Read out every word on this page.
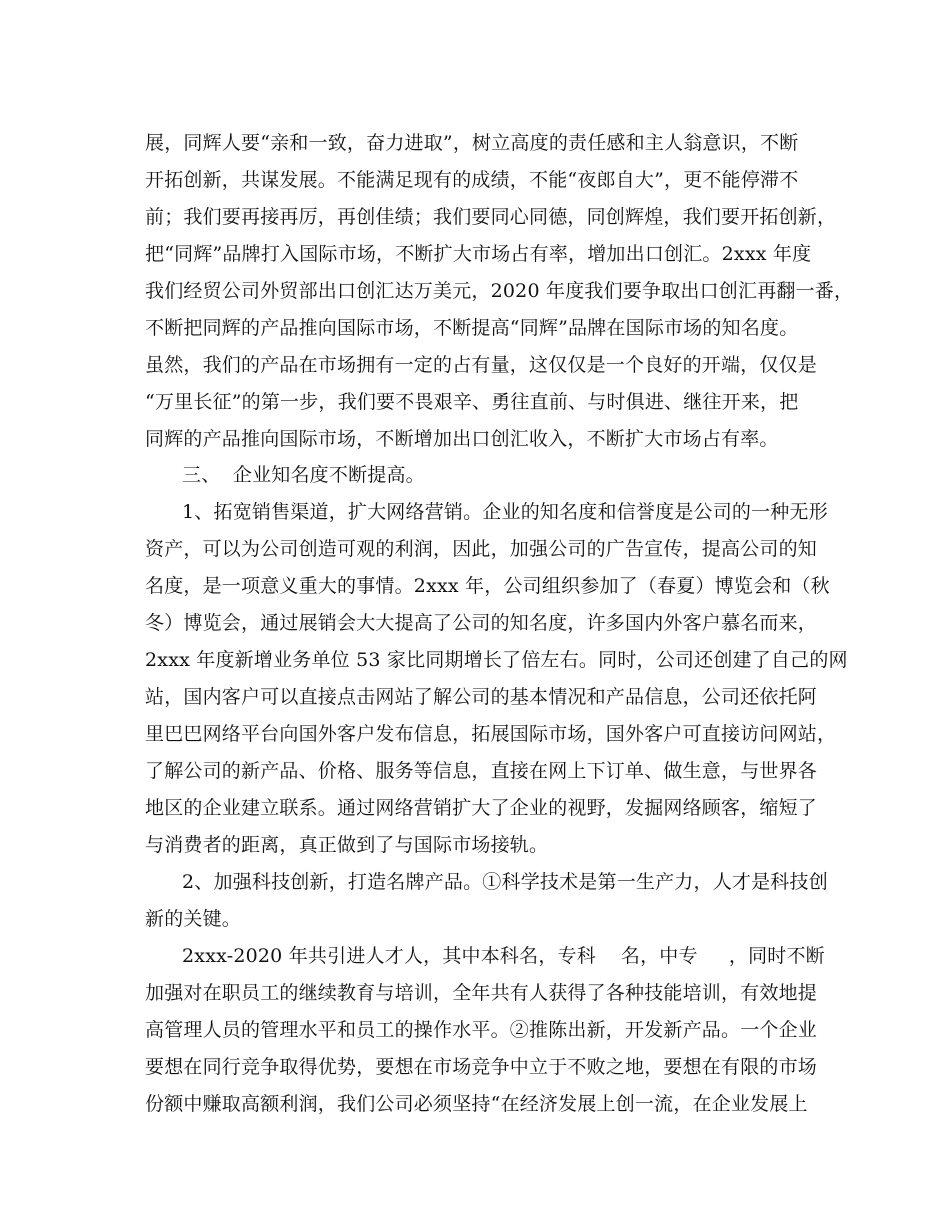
展，同辉人要“亲和一致，奋力进取”，树立高度的责任感和主人翁意识，不断
开拓创新，共谋发展。不能满足现有的成绩，不能“夜郎自大”，更不能停滞不
前；我们要再接再厉，再创佳绩；我们要同心同德，同创辉煌，我们要开拓创新，
把“同辉”品牌打入国际市场，不断扩大市场占有率，增加出口创汇。2xxx 年度
我们经贸公司外贸部出口创汇达万美元，2020 年度我们要争取出口创汇再翻一番，
不断把同辉的产品推向国际市场，不断提高“同辉”品牌在国际市场的知名度。
虽然，我们的产品在市场拥有一定的占有量，这仅仅是一个良好的开端，仅仅是
“万里长征”的第一步，我们要不畏艰辛、勇往直前、与时俱进、继往开来，把
同辉的产品推向国际市场，不断增加出口创汇收入，不断扩大市场占有率。
三、  企业知名度不断提高。
1、拓宽销售渠道，扩大网络营销。企业的知名度和信誉度是公司的一种无形
资产，可以为公司创造可观的利润，因此，加强公司的广告宣传，提高公司的知
名度，是一项意义重大的事情。2xxx 年，公司组织参加了（春夏）博览会和（秋
冬）博览会，通过展销会大大提高了公司的知名度，许多国内外客户慕名而来，
2xxx 年度新增业务单位 53 家比同期增长了倍左右。同时，公司还创建了自己的网
站，国内客户可以直接点击网站了解公司的基本情况和产品信息，公司还依托阿
里巴巴网络平台向国外客户发布信息，拓展国际市场，国外客户可直接访问网站，
了解公司的新产品、价格、服务等信息，直接在网上下订单、做生意，与世界各
地区的企业建立联系。通过网络营销扩大了企业的视野，发掘网络顾客，缩短了
与消费者的距离，真正做到了与国际市场接轨。
2、加强科技创新，打造名牌产品。①科学技术是第一生产力，人才是科技创
新的关键。
2xxx-2020 年共引进人才人，其中本科名，专科    名，中专     ，同时不断
加强对在职员工的继续教育与培训，全年共有人获得了各种技能培训，有效地提
高管理人员的管理水平和员工的操作水平。②推陈出新，开发新产品。一个企业
要想在同行竞争取得优势，要想在市场竞争中立于不败之地，要想在有限的市场
份额中赚取高额利润，我们公司必须坚持“在经济发展上创一流，在企业发展上
